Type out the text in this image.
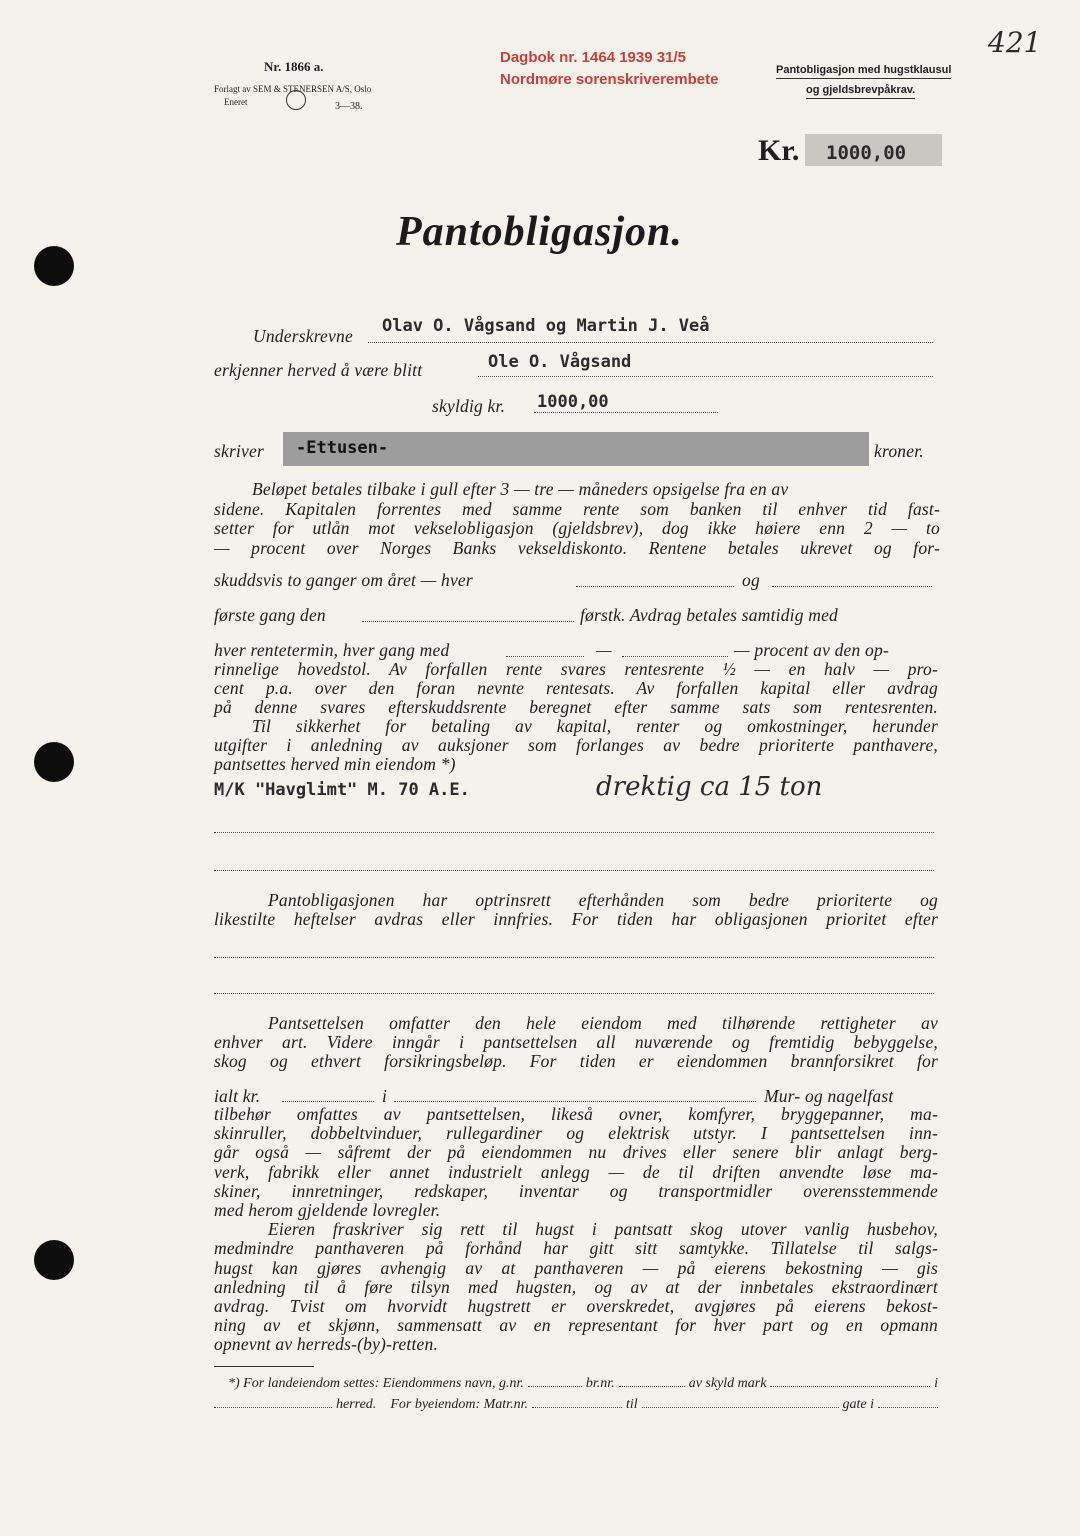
Nr. 1866 a.
Forlagt av SEM & STENERSEN A/S, Oslo
Eneret	3—38.
Dagbok nr. 1464 1939 31/5
Nordmøre sorenskriverembete
Pantobligasjon med hugstklausul
og gjeldsbrevpåkrav.
421
Kr. 1000,00
Pantobligasjon.
Underskrevne Olav O. Vågsand og Martin J. Veå
erkjenner herved å være blitt	Ole O. Vågsand
skyldig kr. 1000,00
skriver -Ettusen-	kroner.
Beløpet betales tilbake i gull efter 3 — tre — måneders opsigelse fra en av
sidene. Kapitalen forrentes med samme rente som banken til enhver tid fast-
setter for utlån mot vekselobligasjon (gjeldsbrev), dog ikke høiere enn 2 — to
— procent over Norges Banks vekseldiskonto. Rentene betales ukrevet og for-
skuddsvis to ganger om året — hver	og
første gang den	førstk. Avdrag betales samtidig med
hver rentetermin, hver gang med	—	— procent av den op-
rinnelige hovedstol. Av forfallen rente svares rentesrente ½ — en halv — pro-
cent p.a. over den foran nevnte rentesats. Av forfallen kapital eller avdrag
på denne svares efterskuddsrente beregnet efter samme sats som rentesrenten.
Til sikkerhet for betaling av kapital, renter og omkostninger, herunder
utgifter i anledning av auksjoner som forlanges av bedre prioriterte panthavere,
pantsettes herved min eiendom *)
M/K "Havglimt" M. 70 A.E.	drektig ca 15 ton
Pantobligasjonen har optrinsrett efterhånden som bedre prioriterte og
likestilte heftelser avdras eller innfries. For tiden har obligasjonen prioritet efter
Pantsettelsen omfatter den hele eiendom med tilhørende rettigheter av
enhver art. Videre inngår i pantsettelsen all nuværende og fremtidig bebyggelse,
skog og ethvert forsikringsbeløp. For tiden er eiendommen brannforsikret for
ialt kr.	i	Mur- og nagelfast
tilbehør omfattes av pantsettelsen, likeså ovner, komfyrer, bryggepanner, ma-
skinruller, dobbeltvinduer, rullegardiner og elektrisk utstyr. I pantsettelsen inn-
går også — såfremt der på eiendommen nu drives eller senere blir anlagt berg-
verk, fabrikk eller annet industrielt anlegg — de til driften anvendte løse ma-
skiner, innretninger, redskaper, inventar og transportmidler overensstemmende
med herom gjeldende lovregler.
Eieren fraskriver sig rett til hugst i pantsatt skog utover vanlig husbehov,
medmindre panthaveren på forhånd har gitt sitt samtykke. Tillatelse til salgs-
hugst kan gjøres avhengig av at panthaveren — på eierens bekostning — gis
anledning til å føre tilsyn med hugsten, og av at der innbetales ekstraordinært
avdrag. Tvist om hvorvidt hugstrett er overskredet, avgjøres på eierens bekost-
ning av et skjønn, sammensatt av en representant for hver part og en opmann
opnevnt av herreds-(by)-retten.
*) For landeiendom settes: Eiendommens navn, g.nr.	br.nr.	av skyld mark	i
herred. For byeiendom: Matr.nr.	til	gate i
